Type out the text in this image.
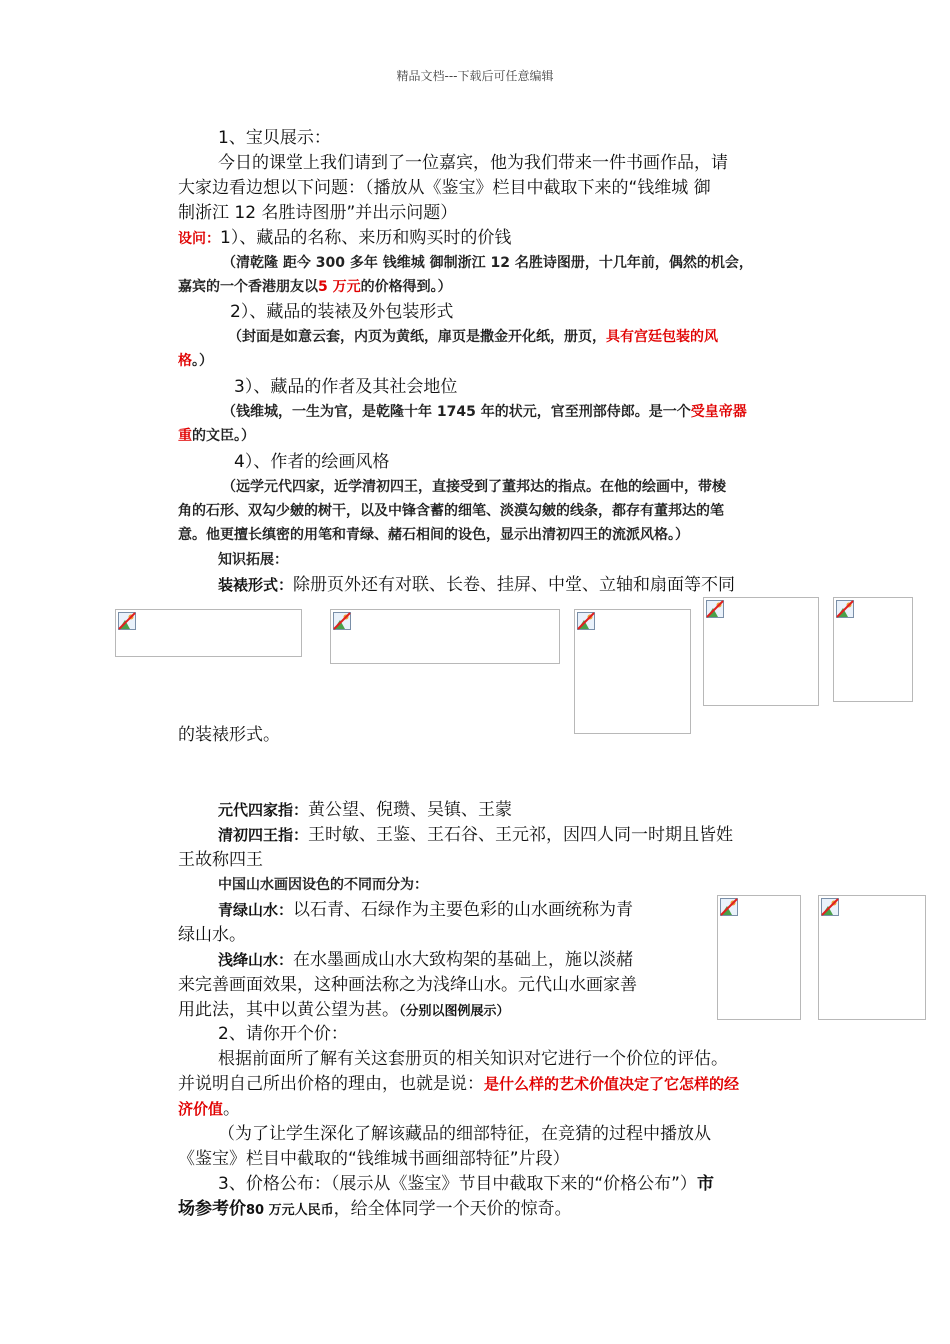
精品文档---下载后可任意编辑
1、宝贝展示：
今日的课堂上我们请到了一位嘉宾，他为我们带来一件书画作品，请
大家边看边想以下问题：（播放从《鉴宝》栏目中截取下来的“钱维城 御
制浙江 12 名胜诗图册”并出示问题）
设问：1）、藏品的名称、来历和购买时的价钱
（清乾隆 距今 300 多年 钱维城 御制浙江 12 名胜诗图册，十几年前，偶然的机会，
嘉宾的一个香港朋友以5 万元的价格得到。）
2）、藏品的装裱及外包装形式
（封面是如意云套，内页为黄纸，扉页是撒金开化纸，册页，具有宫廷包装的风
格。）
3）、藏品的作者及其社会地位
（钱维城，一生为官，是乾隆十年 1745 年的状元，官至刑部侍郎。是一个受皇帝器
重的文臣。）
4）、作者的绘画风格
（远学元代四家，近学清初四王，直接受到了董邦达的指点。在他的绘画中，带棱
角的石形、双勾少皴的树干，以及中锋含蓄的细笔、淡漠勾皴的线条，都存有董邦达的笔
意。他更擅长缜密的用笔和青绿、赭石相间的设色，显示出清初四王的流派风格。）
知识拓展：
装裱形式：除册页外还有对联、长卷、挂屏、中堂、立轴和扇面等不同
的装裱形式。
元代四家指：黄公望、倪瓒、吴镇、王蒙
清初四王指：王时敏、王鉴、王石谷、王元祁，因四人同一时期且皆姓
王故称四王
中国山水画因设色的不同而分为：
青绿山水：以石青、石绿作为主要色彩的山水画统称为青
绿山水。
浅绛山水：在水墨画成山水大致构架的基础上，施以淡赭
来完善画面效果，这种画法称之为浅绛山水。元代山水画家善
用此法，其中以黄公望为甚。（分别以图例展示）
2、请你开个价：
根据前面所了解有关这套册页的相关知识对它进行一个价位的评估。
并说明自己所出价格的理由，也就是说：是什么样的艺术价值决定了它怎样的经
济价值。
（为了让学生深化了解该藏品的细部特征，在竞猜的过程中播放从
《鉴宝》栏目中截取的“钱维城书画细部特征”片段）
3、价格公布：（展示从《鉴宝》节目中截取下来的“价格公布”）市
场参考价80 万元人民币，给全体同学一个天价的惊奇。
